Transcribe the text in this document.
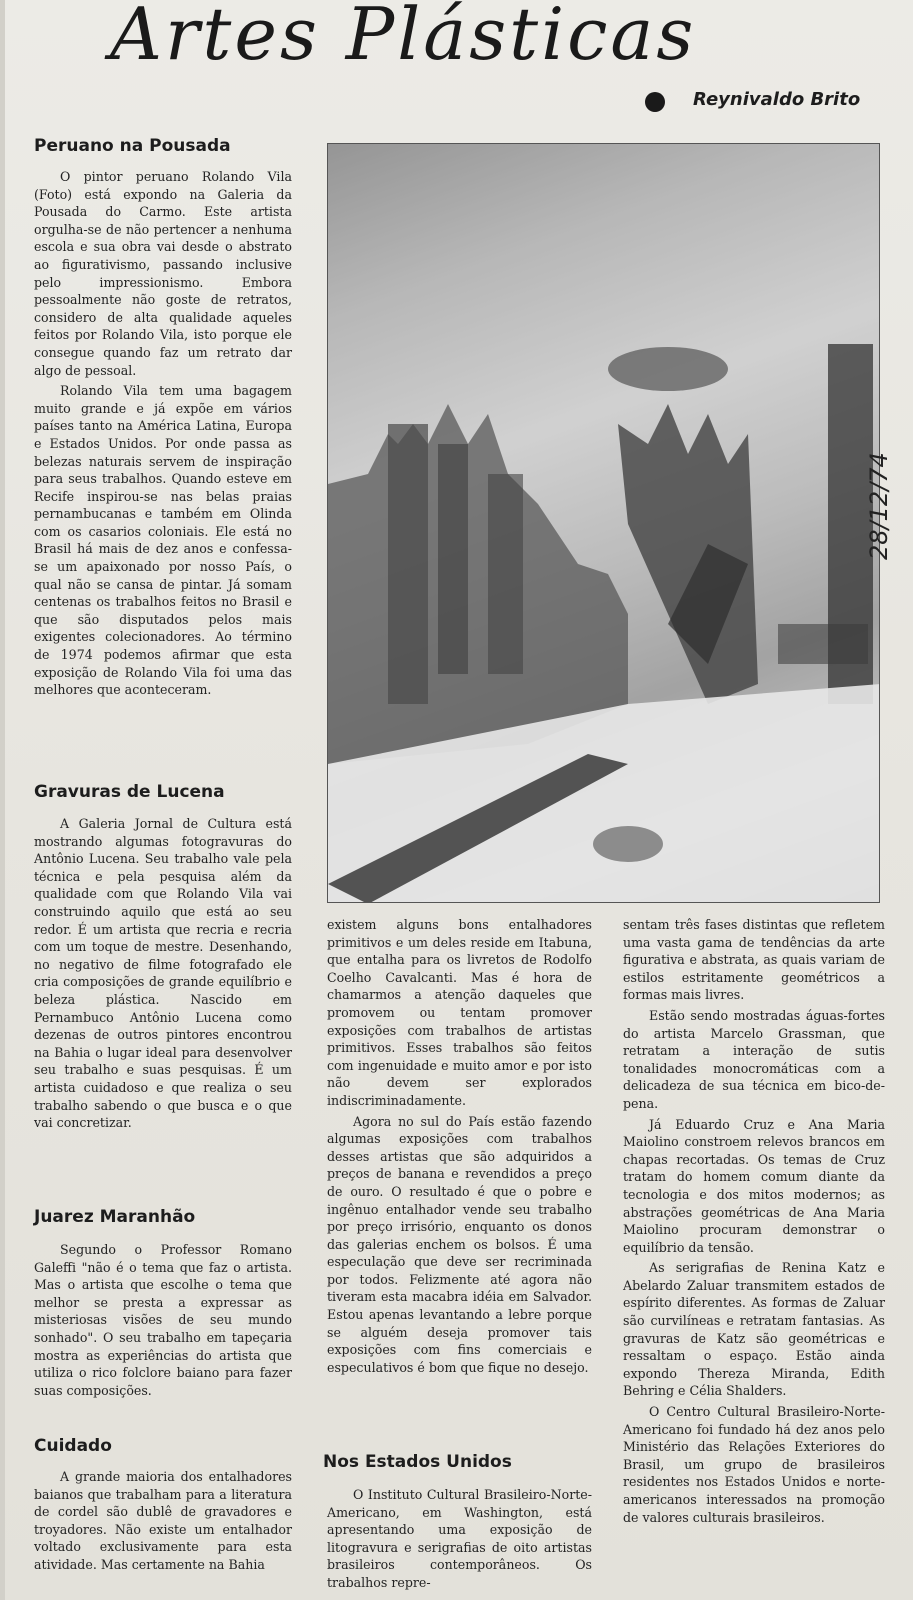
Artes Plásticas
Reynivaldo Brito
Peruano na Pousada

O pintor peruano Rolando Vila (Foto) está expondo na Galeria da Pousada do Carmo. Este artista orgulha-se de não pertencer a nenhuma escola e sua obra vai desde o abstrato ao figurativismo, passando inclusive pelo impressionismo. Embora pessoalmente não goste de retratos, considero de alta qualidade aqueles feitos por Rolando Vila, isto porque ele consegue quando faz um retrato dar algo de pessoal.

Rolando Vila tem uma bagagem muito grande e já expõe em vários países tanto na América Latina, Europa e Estados Unidos. Por onde passa as belezas naturais servem de inspiração para seus trabalhos. Quando esteve em Recife inspirou-se nas belas praias pernambucanas e também em Olinda com os casarios coloniais. Ele está no Brasil há mais de dez anos e confessa-se um apaixonado por nosso País, o qual não se cansa de pintar. Já somam centenas os trabalhos feitos no Brasil e que são disputados pelos mais exigentes colecionadores. Ao término de 1974 podemos afirmar que esta exposição de Rolando Vila foi uma das melhores que aconteceram.

Gravuras de Lucena

A Galeria Jornal de Cultura está mostrando algumas fotogravuras do Antônio Lucena. Seu trabalho vale pela técnica e pela pesquisa além da qualidade com que Rolando Vila vai construindo aquilo que está ao seu redor. É um artista que recria e recria com um toque de mestre. Desenhando, no negativo de filme fotografado ele cria composições de grande equilíbrio e beleza plástica. Nascido em Pernambuco Antônio Lucena como dezenas de outros pintores encontrou na Bahia o lugar ideal para desenvolver seu trabalho e suas pesquisas. É um artista cuidadoso e que realiza o seu trabalho sabendo o que busca e o que vai concretizar.

Juarez Maranhão

Segundo o Professor Romano Galeffi "não é o tema que faz o artista. Mas o artista que escolhe o tema que melhor se presta a expressar as misteriosas visões de seu mundo sonhado". O seu trabalho em tapeçaria mostra as experiências do artista que utiliza o rico folclore baiano para fazer suas composições.

Cuidado

A grande maioria dos entalhadores baianos que trabalham para a literatura de cordel são dublê de gravadores e troyadores. Não existe um entalhador voltado exclusivamente para esta atividade. Mas certamente na Bahia

28/12/74

existem alguns bons entalhadores primitivos e um deles reside em Itabuna, que entalha para os livretos de Rodolfo Coelho Cavalcanti. Mas é hora de chamarmos a atenção daqueles que promovem ou tentam promover exposições com trabalhos de artistas primitivos. Esses trabalhos são feitos com ingenuidade e muito amor e por isto não devem ser explorados indiscriminadamente.

Agora no sul do País estão fazendo algumas exposições com trabalhos desses artistas que são adquiridos a preços de banana e revendidos a preço de ouro. O resultado é que o pobre e ingênuo entalhador vende seu trabalho por preço irrisório, enquanto os donos das galerias enchem os bolsos. É uma especulação que deve ser recriminada por todos. Felizmente até agora não tiveram esta macabra idéia em Salvador. Estou apenas levantando a lebre porque se alguém deseja promover tais exposições com fins comerciais e especulativos é bom que fique no desejo.

Nos Estados Unidos

O Instituto Cultural Brasileiro-Norte-Americano, em Washington, está apresentando uma exposição de litogravura e serigrafias de oito artistas brasileiros contemporâneos. Os trabalhos repre-

sentam três fases distintas que refletem uma vasta gama de tendências da arte figurativa e abstrata, as quais variam de estilos estritamente geométricos a formas mais livres.

Estão sendo mostradas águas-fortes do artista Marcelo Grassman, que retratam a interação de sutis tonalidades monocromáticas com a delicadeza de sua técnica em bico-de-pena.

Já Eduardo Cruz e Ana Maria Maiolino constroem relevos brancos em chapas recortadas. Os temas de Cruz tratam do homem comum diante da tecnologia e dos mitos modernos; as abstrações geométricas de Ana Maria Maiolino procuram demonstrar o equilíbrio da tensão.

As serigrafias de Renina Katz e Abelardo Zaluar transmitem estados de espírito diferentes. As formas de Zaluar são curvilíneas e retratam fantasias. As gravuras de Katz são geométricas e ressaltam o espaço. Estão ainda expondo Thereza Miranda, Edith Behring e Célia Shalders.

O Centro Cultural Brasileiro-Norte-Americano foi fundado há dez anos pelo Ministério das Relações Exteriores do Brasil, um grupo de brasileiros residentes nos Estados Unidos e norte-americanos interessados na promoção de valores culturais brasileiros.
